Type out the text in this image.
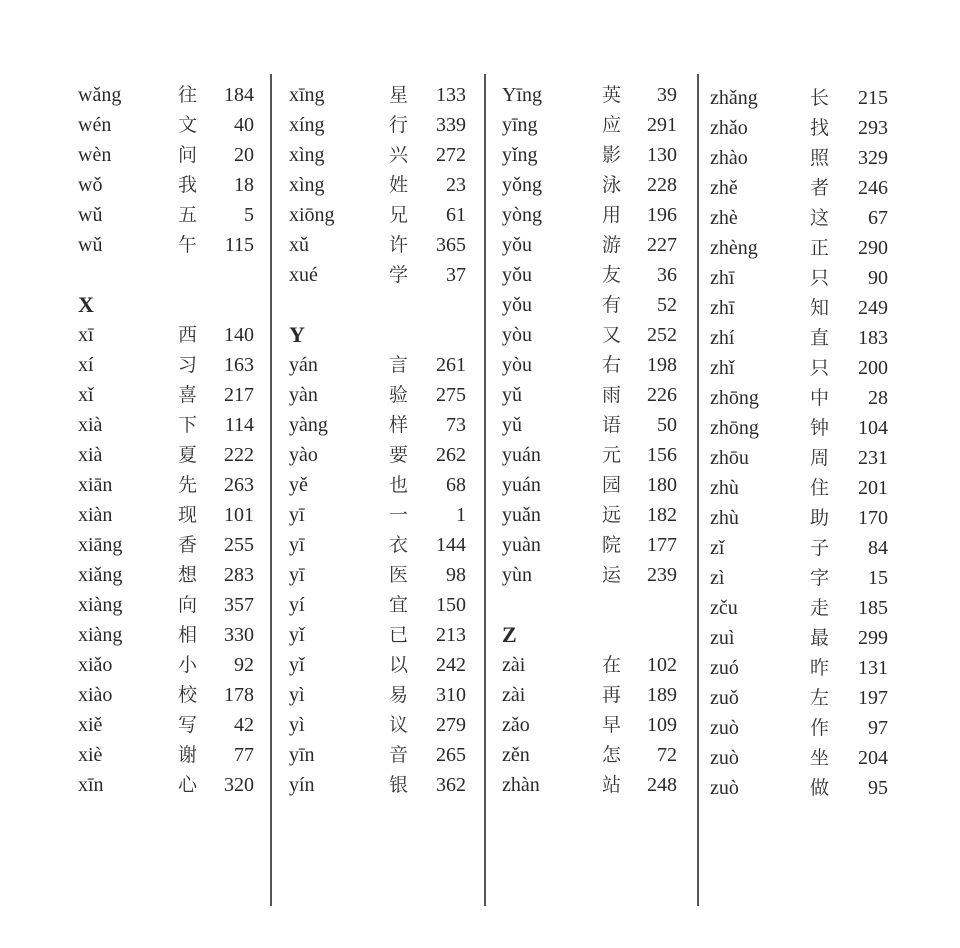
wǎng	往 184
wén	文 40
wèn	问 20
wǒ	我 18
wǔ	五 5
wǔ	午 115
X
xī	西 140
xí	习 163
xǐ	喜 217
xià	下 114
xià	夏 222
xiān	先 263
xiàn	现 101
xiāng	香 255
xiǎng	想 283
xiàng	向 357
xiàng	相 330
xiǎo	小 92
xiào	校 178
xiě	写 42
xiè	谢 77
xīn	心 320
xīng	星 133
xíng	行 339
xìng	兴 272
xìng	姓 23
xiōng	兄 61
xǔ	许 365
xué	学 37
Y
yán	言 261
yàn	验 275
yàng	样 73
yào	要 262
yě	也 68
yī	一 1
yī	衣 144
yī	医 98
yí	宜 150
yǐ	已 213
yǐ	以 242
yì	易 310
yì	议 279
yīn	音 265
yín	银 362
Yīng	英 39
yīng	应 291
yǐng	影 130
yǒng	泳 228
yòng	用 196
yǒu	游 227
yǒu	友 36
yǒu	有 52
yòu	又 252
yòu	右 198
yǔ	雨 226
yǔ	语 50
yuán	元 156
yuán	园 180
yuǎn	远 182
yuàn	院 177
yùn	运 239
Z
zài	在 102
zài	再 189
zǎo	早 109
zěn	怎 72
zhàn	站 248
zhǎng	长 215
zhǎo	找 293
zhào	照 329
zhě	者 246
zhè	这 67
zhèng	正 290
zhī	只 90
zhī	知 249
zhí	直 183
zhǐ	只 200
zhōng	中 28
zhōng	钟 104
zhōu	周 231
zhù	住 201
zhù	助 170
zǐ	子 84
zì	字 15
zču	走 185
zuì	最 299
zuó	昨 131
zuǒ	左 197
zuò	作 97
zuò	坐 204
zuò	做 95
